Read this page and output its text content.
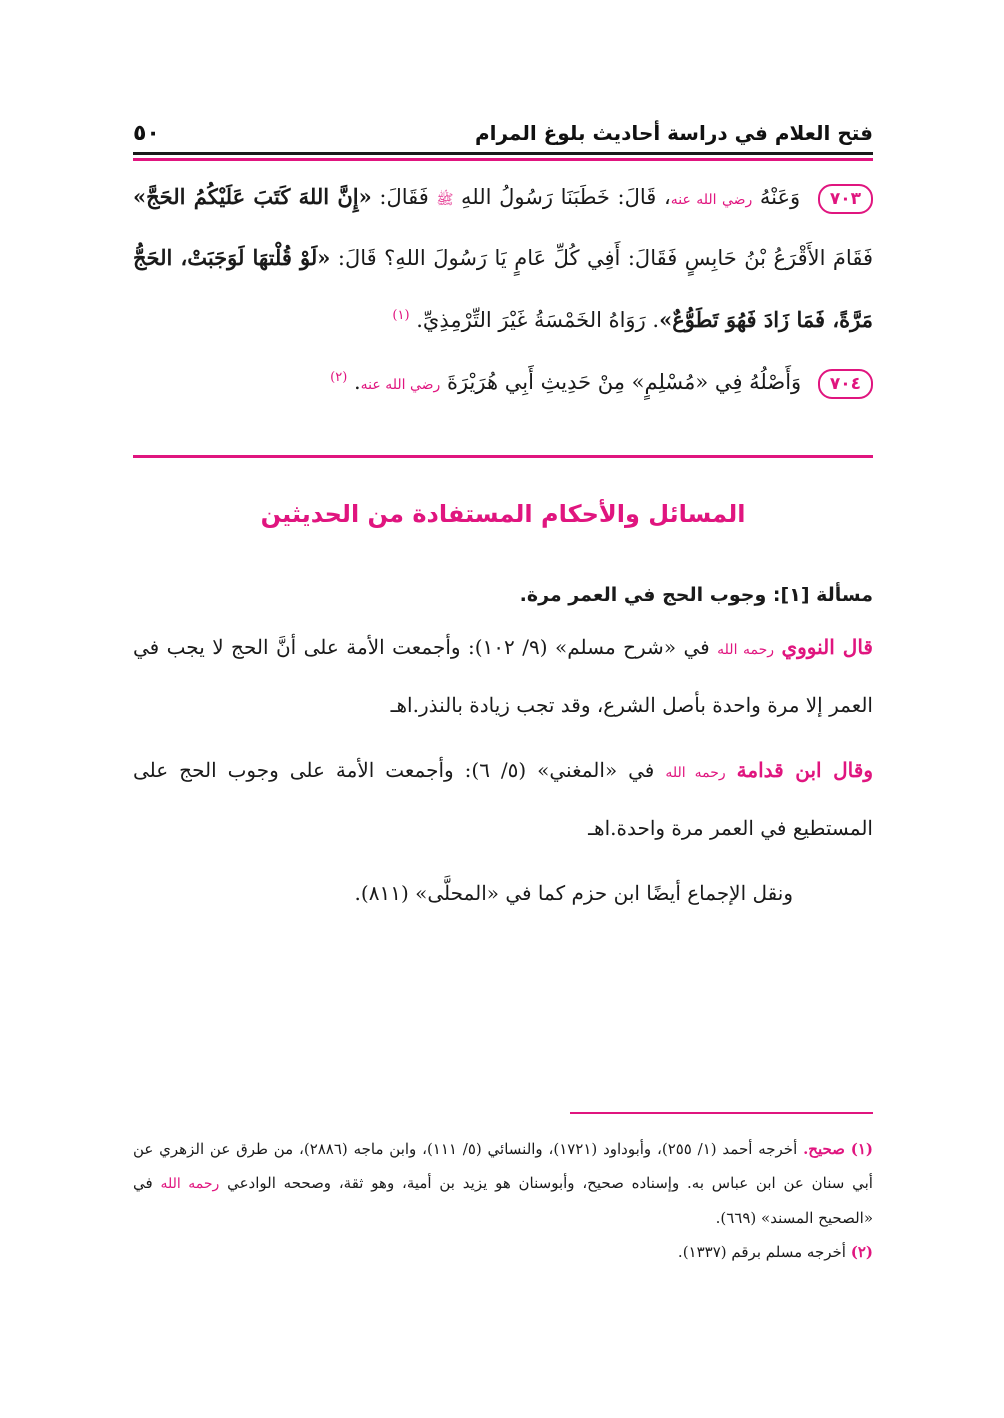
٥٠	فتح العلام في دراسة أحاديث بلوغ المرام
٧٠٣ وَعَنْهُ رضي الله عنه، قَالَ: خَطَبَنَا رَسُولُ اللهِ ﷺ فَقَالَ: «إِنَّ اللهَ كَتَبَ عَلَيْكُمُ الحَجَّ» فَقَامَ الأَقْرَعُ بْنُ حَابِسٍ فَقَالَ: أَفِي كُلِّ عَامٍ يَا رَسُولَ اللهِ؟ قَالَ: «لَوْ قُلْتهَا لَوَجَبَتْ، الحَجُّ مَرَّةً، فَمَا زَادَ فَهُوَ تَطَوُّعٌ». رَوَاهُ الخَمْسَةُ غَيْرَ التِّرْمِذِيِّ. $^{(١)}$
٧٠٤ وَأَصْلُهُ فِي «مُسْلِمٍ» مِنْ حَدِيثِ أَبِي هُرَيْرَةَ رضي الله عنه. $^{(٢)}$
المسائل والأحكام المستفادة من الحديثين
مسألة [١]: وجوب الحج في العمر مرة.
قال النووي رحمه الله في «شرح مسلم» (٩/ ١٠٢): وأجمعت الأمة على أنَّ الحج لا يجب في العمر إلا مرة واحدة بأصل الشرع، وقد تجب زيادة بالنذر.اهـ
وقال ابن قدامة رحمه الله في «المغني» (٥/ ٦): وأجمعت الأمة على وجوب الحج على المستطيع في العمر مرة واحدة.اهـ
ونقل الإجماع أيضًا ابن حزم كما في «المحلَّى» (٨١١).
(١) صحيح. أخرجه أحمد (١/ ٢٥٥)، وأبوداود (١٧٢١)، والنسائي (٥/ ١١١)، وابن ماجه (٢٨٨٦)، من طرق عن الزهري عن أبي سنان عن ابن عباس به. وإسناده صحيح، وأبوسنان هو يزيد بن أمية، وهو ثقة، وصححه الوادعي رحمه الله في «الصحيح المسند» (٦٦٩).
(٢) أخرجه مسلم برقم (١٣٣٧).
